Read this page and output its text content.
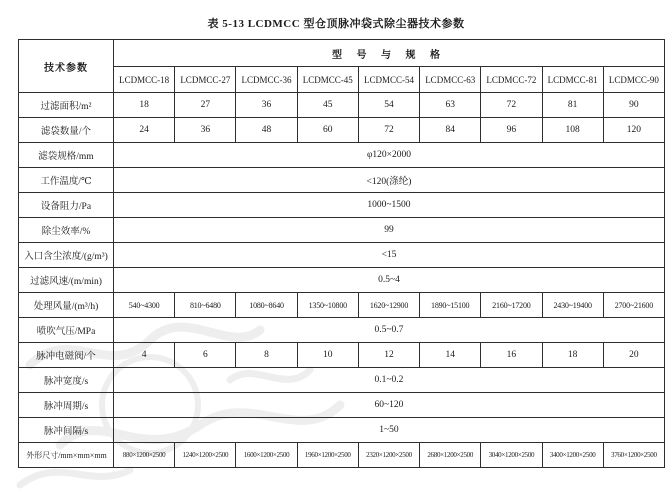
表 5-13 LCDMCC 型仓顶脉冲袋式除尘器技术参数
技术参数	型 号 与 规 格								
	LCDMCC-18	LCDMCC-27	LCDMCC-36	LCDMCC-45	LCDMCC-54	LCDMCC-63	LCDMCC-72	LCDMCC-81	LCDMCC-90
过滤面积/m²	18	27	36	45	54	63	72	81	90
滤袋数量/个	24	36	48	60	72	84	96	108	120
滤袋规格/mm	φ120×2000								
工作温度/℃	<120(涤纶)								
设备阻力/Pa	1000~1500								
除尘效率/%	99								
入口含尘浓度/(g/m³)	<15								
过滤风速/(m/min)	0.5~4								
处理风量/(m³/h)	540~4300	810~6480	1080~8640	1350~10800	1620~12900	1890~15100	2160~17200	2430~19400	2700~21600
喷吹气压/MPa	0.5~0.7								
脉冲电磁阀/个	4	6	8	10	12	14	16	18	20
脉冲宽度/s	0.1~0.2								
脉冲周期/s	60~120								
脉冲间隔/s	1~50								
外形尺寸/mm×mm×mm	880×1200×2500	1240×1200×2500	1600×1200×2500	1960×1200×2500	2320×1200×2500	2680×1200×2500	3040×1200×2500	3400×1200×2500	3760×1200×2500
